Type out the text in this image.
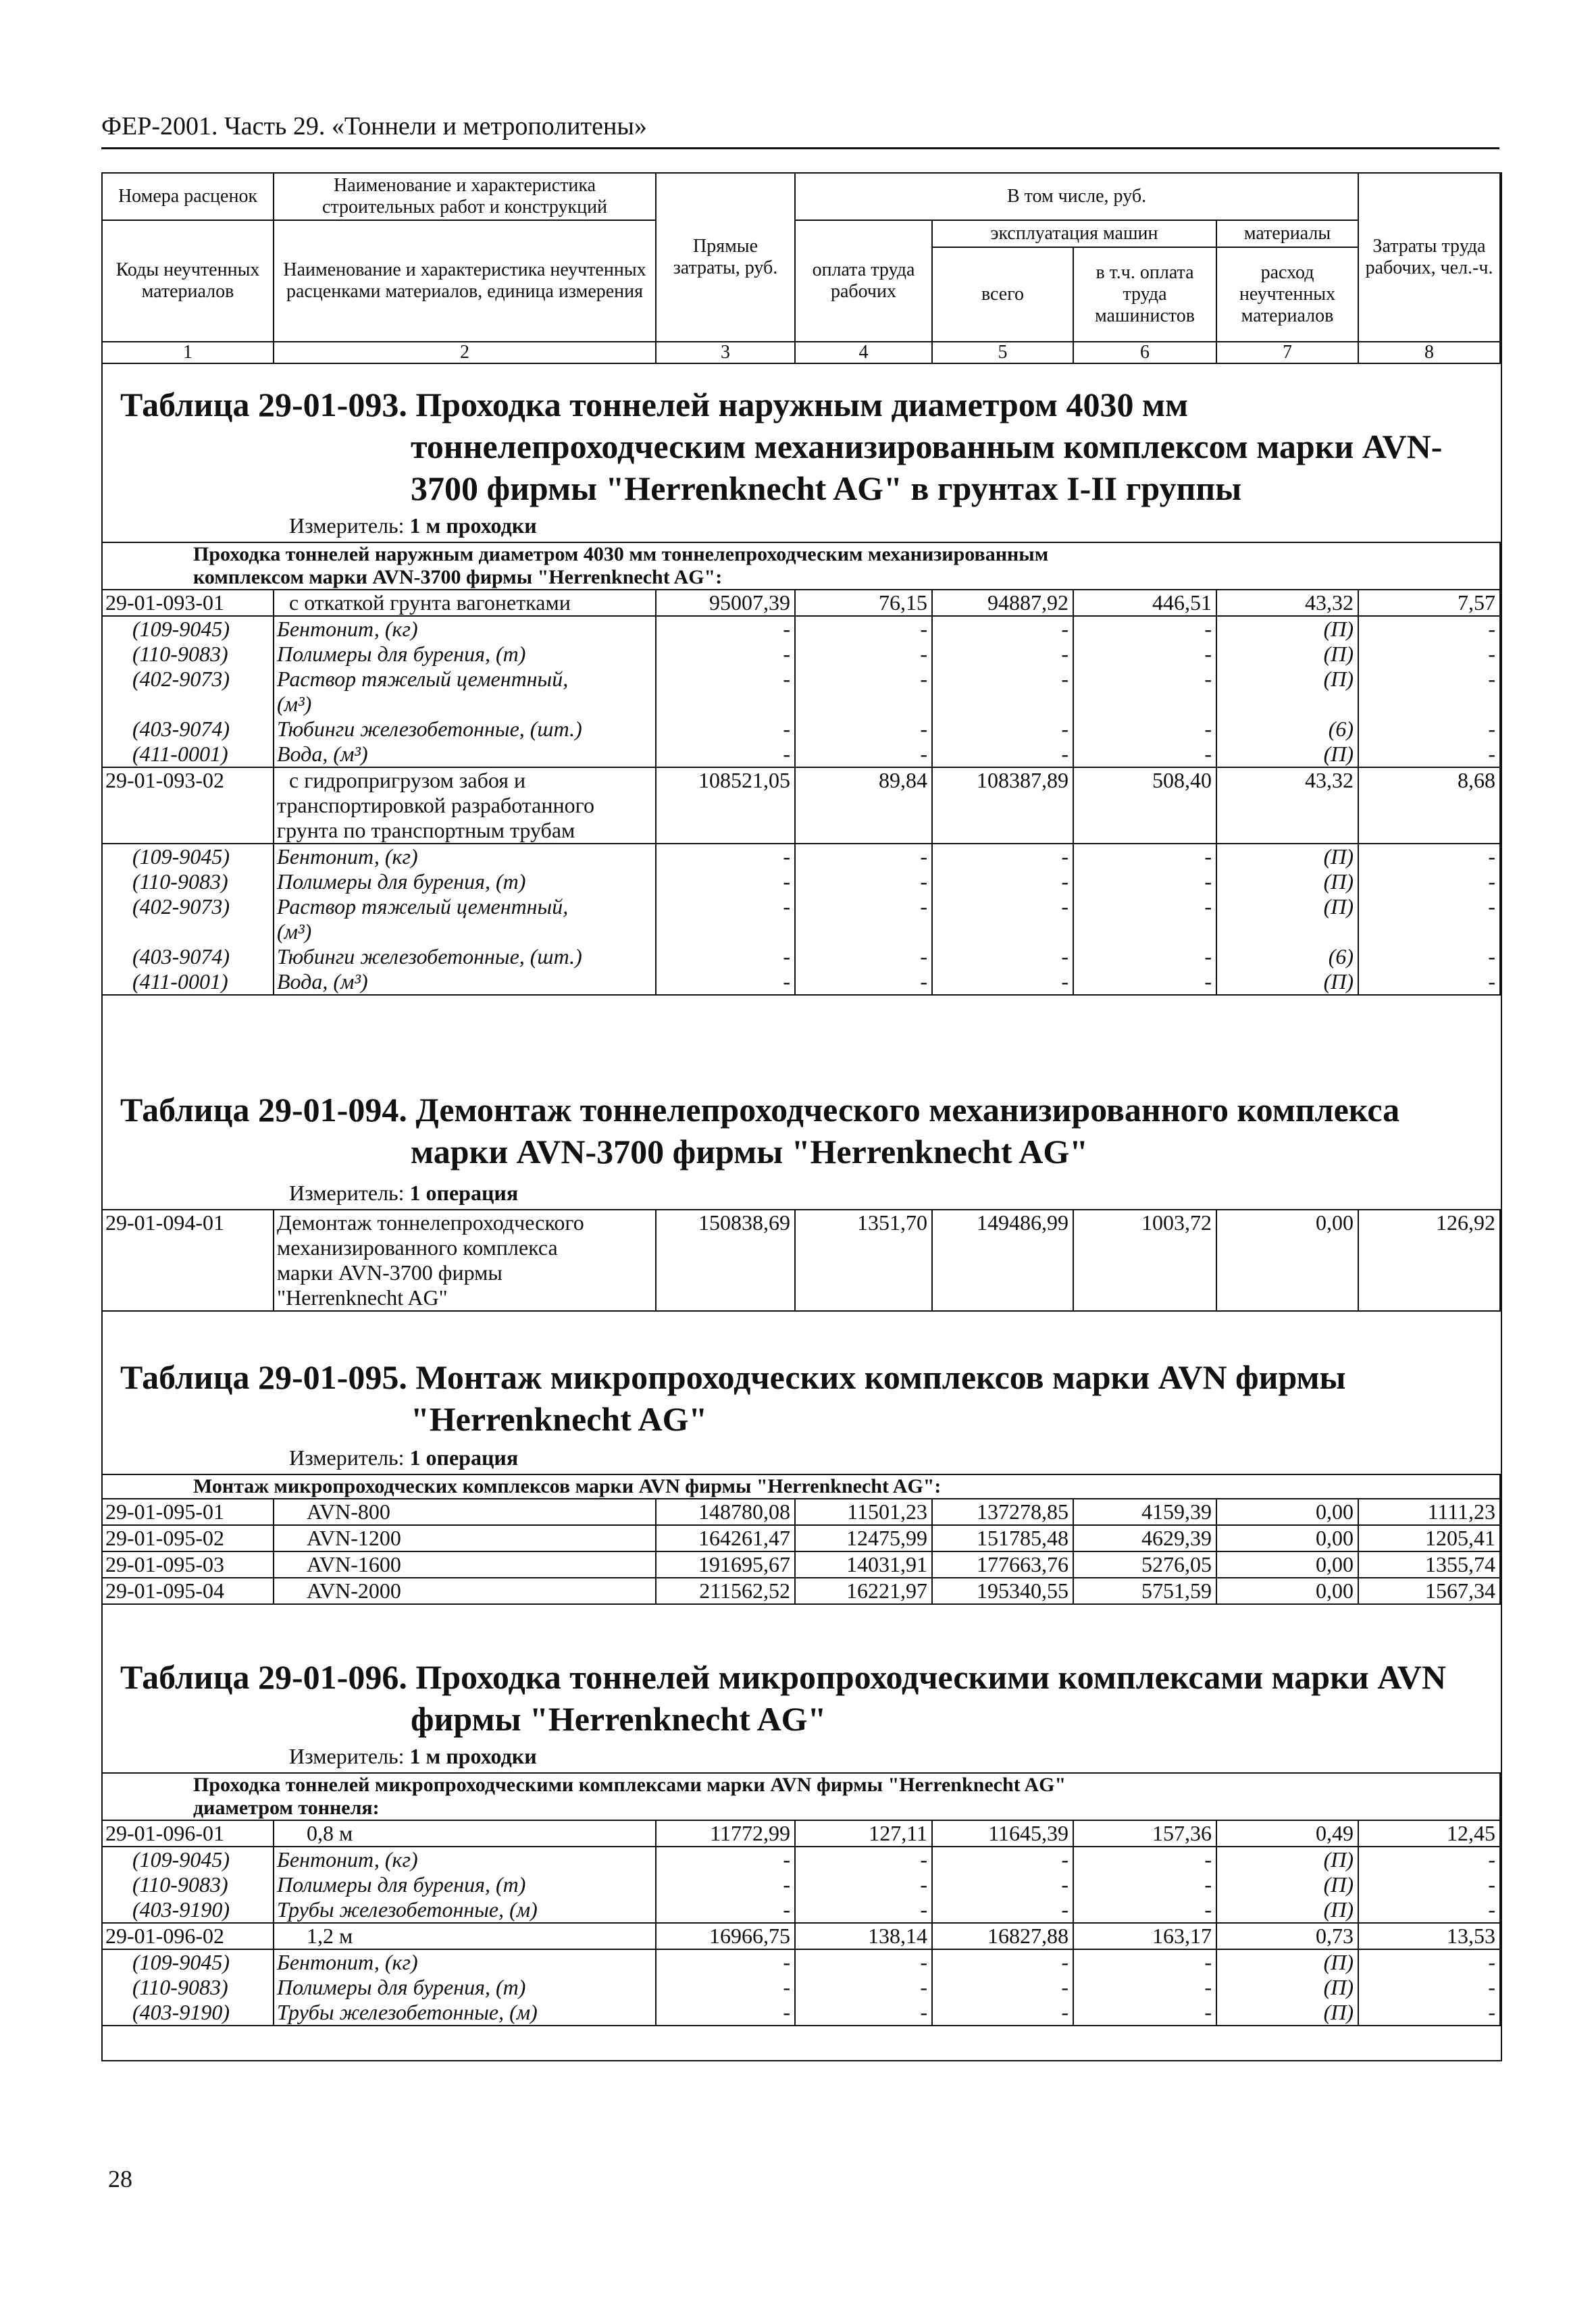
ФЕР-2001. Часть 29. «Тоннели и метрополитены»
Номера расценок	Наименование и характеристика строительных работ и конструкций	Прямые затраты, руб.	В том числе, руб.				Затраты труда рабочих, чел.-ч.
Коды неучтенных материалов	Наименование и характеристика неучтенных расценками материалов, единица измерения		оплата труда рабочих	эксплуатация машин		материалы	
				всего	в т.ч. оплата труда машинистов	расход неучтенных материалов	
1	2	3	4	5	6	7	8
Таблица 29-01-093. Проходка тоннелей наружным диаметром 4030 мм
тоннелепроходческим механизированным комплексом марки AVN-
3700 фирмы "Herrenknecht AG" в грунтах I-II группы
Измеритель: 1 м проходки
Проходка тоннелей наружным диаметром 4030 мм тоннелепроходческим механизированным
комплексом марки AVN-3700 фирмы "Herrenknecht AG":							

29-01-093-01	с откаткой грунта вагонетками	95007,39	76,15	94887,92	446,51	43,32	7,57
(109-9045)	Бентонит, (кг)	-	-	-	-	(П)	-
(110-9083)	Полимеры для бурения, (т)	-	-	-	-	(П)	-
(402-9073)	Раствор тяжелый цементный,
(м³)	-	-	-	-	(П)	-
(403-9074)	Тюбинги железобетонные, (шт.)	-	-	-	-	(6)	-
(411-0001)	Вода, (м³)	-	-	-	-	(П)	-
29-01-093-02	с гидропригрузом забоя и
транспортировкой разработанного
грунта по транспортным трубам	108521,05	89,84	108387,89	508,40	43,32	8,68
(109-9045)	Бентонит, (кг)	-	-	-	-	(П)	-
(110-9083)	Полимеры для бурения, (т)	-	-	-	-	(П)	-
(402-9073)	Раствор тяжелый цементный,
(м³)	-	-	-	-	(П)	-
(403-9074)	Тюбинги железобетонные, (шт.)	-	-	-	-	(6)	-
(411-0001)	Вода, (м³)	-	-	-	-	(П)	-
Таблица 29-01-094. Демонтаж тоннелепроходческого механизированного комплекса
марки AVN-3700 фирмы "Herrenknecht AG"
Измеритель: 1 операция
29-01-094-01	Демонтаж тоннелепроходческого
механизированного комплекса
марки AVN-3700 фирмы
"Herrenknecht AG"
	150838,69	1351,70	149486,99	1003,72	0,00	126,92
Таблица 29-01-095. Монтаж микропроходческих комплексов марки AVN фирмы
"Herrenknecht AG"
Измеритель: 1 операция
Монтаж микропроходческих комплексов марки AVN фирмы "Herrenknecht AG":							

29-01-095-01	AVN-800	148780,08	11501,23	137278,85	4159,39	0,00	1111,23
29-01-095-02	AVN-1200	164261,47	12475,99	151785,48	4629,39	0,00	1205,41
29-01-095-03	AVN-1600	191695,67	14031,91	177663,76	5276,05	0,00	1355,74
29-01-095-04	AVN-2000	211562,52	16221,97	195340,55	5751,59	0,00	1567,34
Таблица 29-01-096. Проходка тоннелей микропроходческими комплексами марки AVN
фирмы "Herrenknecht AG"
Измеритель: 1 м проходки
Проходка тоннелей микропроходческими комплексами марки AVN фирмы "Herrenknecht AG"
диаметром тоннеля:							

29-01-096-01	0,8 м	11772,99	127,11	11645,39	157,36	0,49	12,45
(109-9045)	Бентонит, (кг)	-	-	-	-	(П)	-
(110-9083)	Полимеры для бурения, (т)	-	-	-	-	(П)	-
(403-9190)	Трубы железобетонные, (м)	-	-	-	-	(П)	-
29-01-096-02	1,2 м	16966,75	138,14	16827,88	163,17	0,73	13,53
(109-9045)	Бентонит, (кг)	-	-	-	-	(П)	-
(110-9083)	Полимеры для бурения, (т)	-	-	-	-	(П)	-
(403-9190)	Трубы железобетонные, (м)	-	-	-	-	(П)	-
28
